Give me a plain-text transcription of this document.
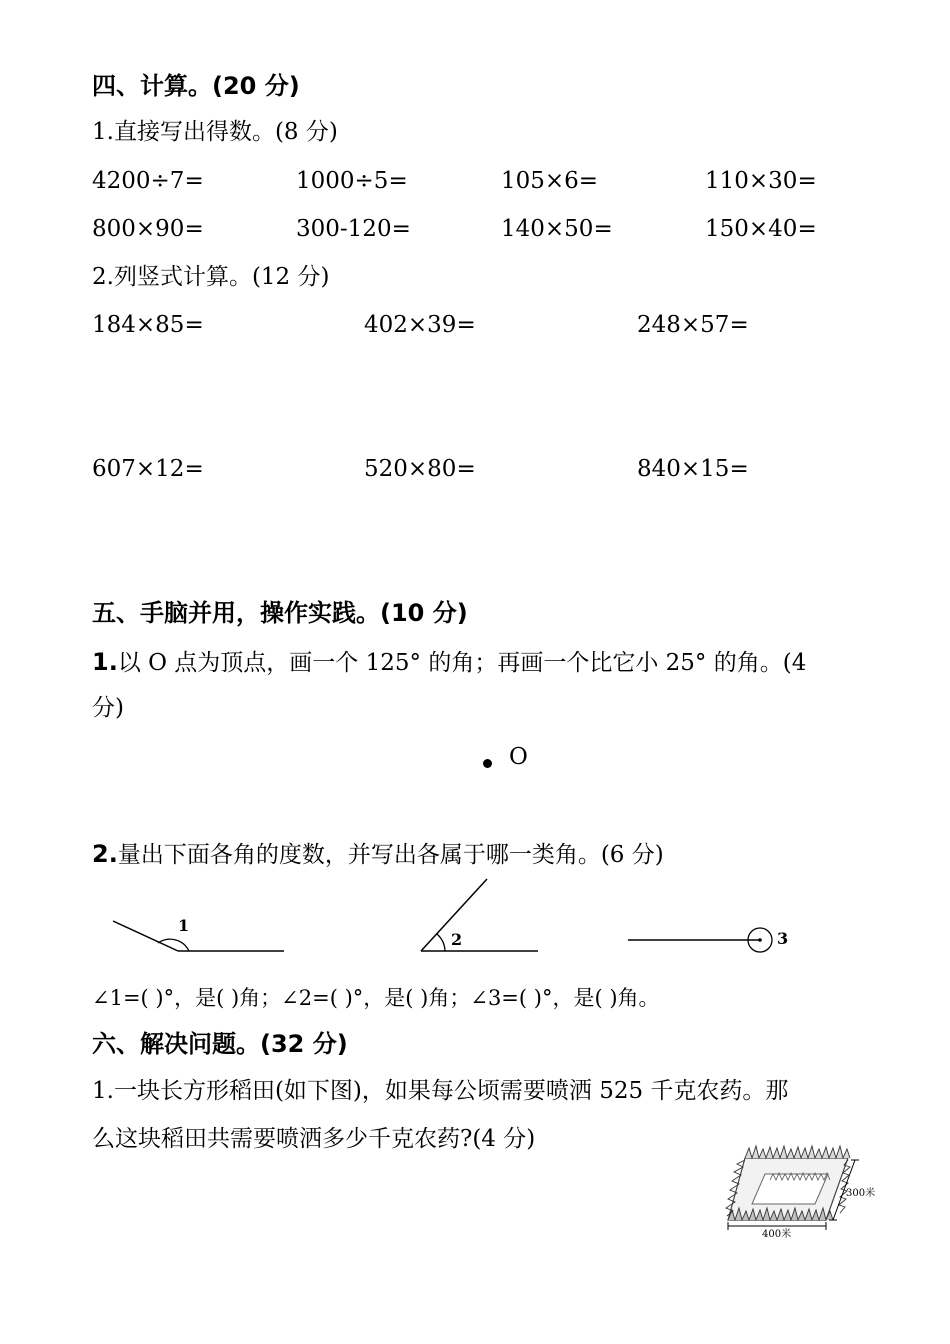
四、计算。(20 分)
1.直接写出得数。(8 分)
4200÷7=	1000÷5=	105×6=	110×30=
800×90=	300-120=	140×50=	150×40=
2.列竖式计算。(12 分)
184×85=	402×39=	248×57=
607×12=	520×80=	840×15=
五、手脑并用，操作实践。(10 分)
1.以 O 点为顶点，画一个 125° 的角；再画一个比它小 25° 的角。(4
分)
O
2.量出下面各角的度数，并写出各属于哪一类角。(6 分)
1
2	3
∠1=( )°，是( )角；∠2=( )°，是( )角；∠3=( )°，是( )角。
六、解决问题。(32 分)
1.一块长方形稻田(如下图)，如果每公顷需要喷洒 525 千克农药。那
么这块稻田共需要喷洒多少千克农药?(4 分)
400米
300米
